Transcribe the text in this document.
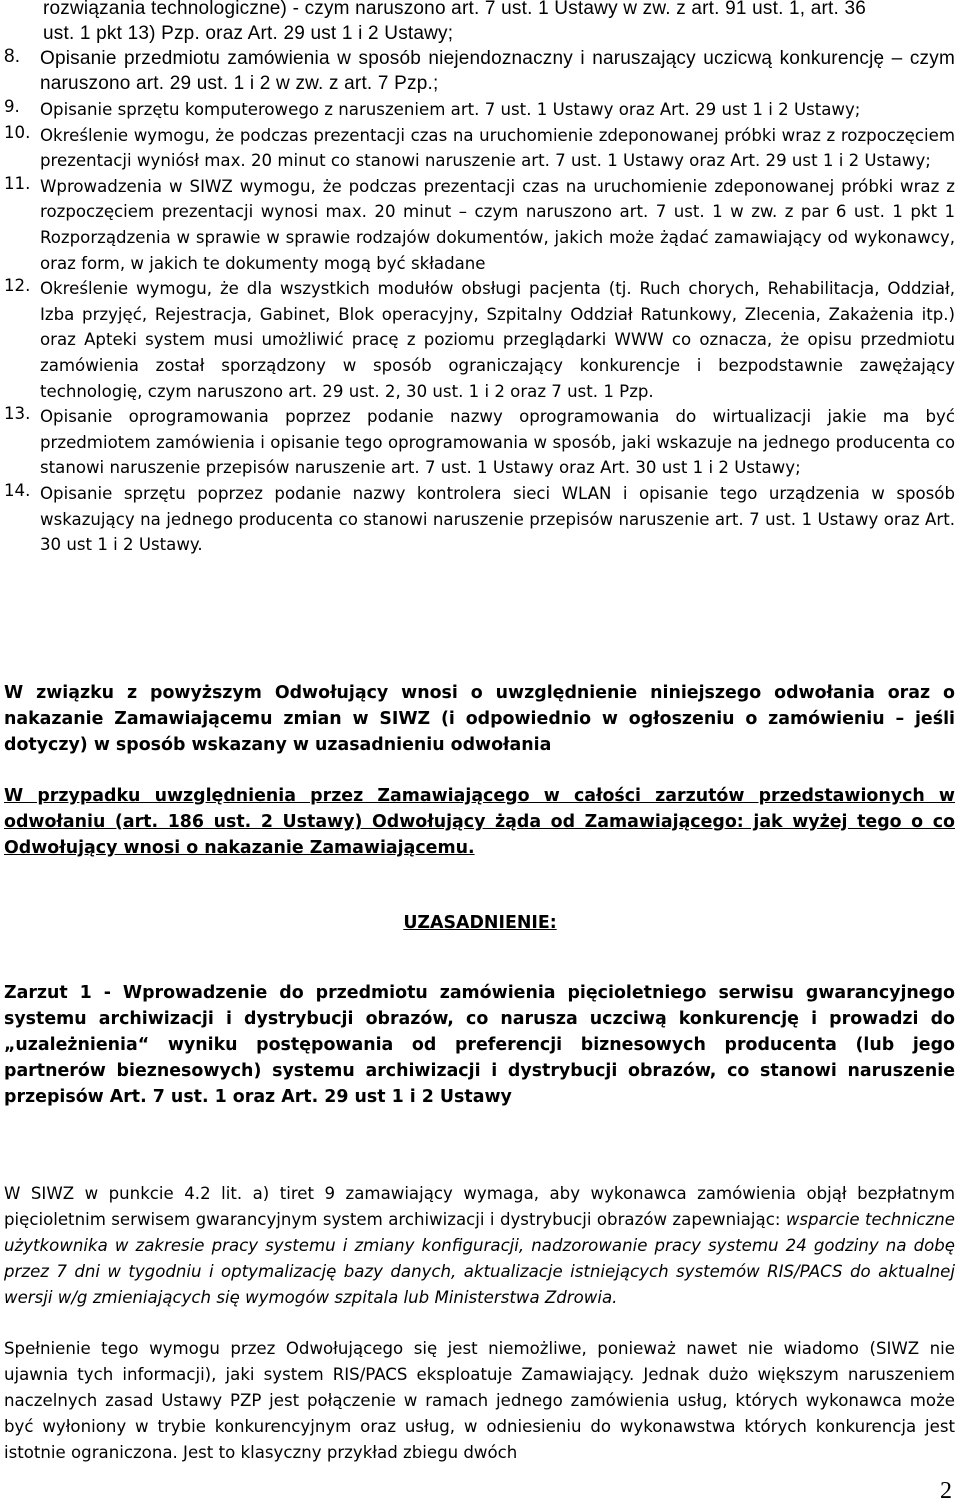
rozwiązania technologiczne) - czym naruszono art. 7 ust. 1 Ustawy w zw. z art. 91 ust. 1, art. 36
ust. 1 pkt 13) Pzp. oraz Art. 29 ust 1 i 2 Ustawy;
8.	Opisanie przedmiotu zamówienia w sposób niejendoznaczny i naruszający uczicwą konkurencję – czym naruszono art. 29 ust. 1 i 2 w zw. z art. 7 Pzp.;
9.	Opisanie sprzętu komputerowego z naruszeniem art. 7 ust. 1 Ustawy oraz Art. 29 ust 1 i 2 Ustawy;
10. Określenie wymogu, że podczas prezentacji czas na uruchomienie zdeponowanej próbki wraz z rozpoczęciem prezentacji wyniósł max. 20 minut co stanowi naruszenie art. 7 ust. 1 Ustawy oraz Art. 29 ust 1 i 2 Ustawy;
11. Wprowadzenia w SIWZ wymogu, że podczas prezentacji czas na uruchomienie zdeponowanej próbki wraz z rozpoczęciem prezentacji wynosi max. 20 minut – czym naruszono art. 7 ust. 1 w zw. z par 6 ust. 1 pkt 1 Rozporządzenia w sprawie w sprawie rodzajów dokumentów, jakich może żądać zamawiający od wykonawcy, oraz form, w jakich te dokumenty mogą być składane
12. Określenie wymogu, że dla wszystkich modułów obsługi pacjenta (tj. Ruch chorych, Rehabilitacja, Oddział, Izba przyjęć, Rejestracja, Gabinet, Blok operacyjny, Szpitalny Oddział Ratunkowy, Zlecenia, Zakażenia itp.) oraz Apteki system musi umożliwić pracę z poziomu przeglądarki WWW co oznacza, że opisu przedmiotu zamówienia został sporządzony w sposób ograniczający konkurencje i bezpodstawnie zawężający technologię, czym naruszono art. 29 ust. 2, 30 ust. 1 i 2 oraz 7 ust. 1 Pzp.
13. Opisanie oprogramowania poprzez podanie nazwy oprogramowania do wirtualizacji jakie ma być przedmiotem zamówienia i opisanie tego oprogramowania w sposób, jaki wskazuje na jednego producenta co stanowi naruszenie przepisów naruszenie art. 7 ust. 1 Ustawy oraz Art. 30 ust 1 i 2 Ustawy;
14. Opisanie sprzętu poprzez podanie nazwy kontrolera sieci WLAN i opisanie tego urządzenia w sposób wskazujący na jednego producenta co stanowi naruszenie przepisów naruszenie art. 7 ust. 1 Ustawy oraz Art. 30 ust 1 i 2 Ustawy.
W związku z powyższym Odwołujący wnosi o uwzględnienie niniejszego odwołania oraz o nakazanie Zamawiającemu zmian w SIWZ (i odpowiednio w ogłoszeniu o zamówieniu – jeśli dotyczy) w sposób wskazany w uzasadnieniu odwołania
W przypadku uwzględnienia przez Zamawiającego w całości zarzutów przedstawionych w odwołaniu (art. 186 ust. 2 Ustawy) Odwołujący żąda od Zamawiającego: jak wyżej tego o co Odwołujący wnosi o nakazanie Zamawiającemu.
UZASADNIENIE:
Zarzut 1 - Wprowadzenie do przedmiotu zamówienia pięcioletniego serwisu gwarancyjnego systemu archiwizacji i dystrybucji obrazów, co narusza uczciwą konkurencję i prowadzi do „uzależnienia“ wyniku postępowania od preferencji biznesowych producenta (lub jego partnerów bieznesowych) systemu archiwizacji i dystrybucji obrazów, co stanowi naruszenie przepisów Art. 7 ust. 1 oraz Art. 29 ust 1 i 2 Ustawy
W SIWZ w punkcie 4.2 lit. a) tiret 9 zamawiający wymaga, aby wykonawca zamówienia objął bezpłatnym pięcioletnim serwisem gwarancyjnym system archiwizacji i dystrybucji obrazów zapewniając: wsparcie techniczne użytkownika w zakresie pracy systemu i zmiany konfiguracji, nadzorowanie pracy systemu 24 godziny na dobę przez 7 dni w tygodniu i optymalizację bazy danych, aktualizacje istniejących systemów RIS/PACS do aktualnej wersji w/g zmieniających się wymogów szpitala lub Ministerstwa Zdrowia.
Spełnienie tego wymogu przez Odwołującego się jest niemożliwe, ponieważ nawet nie wiadomo (SIWZ nie ujawnia tych informacji), jaki system RIS/PACS eksploatuje Zamawiający. Jednak dużo większym naruszeniem naczelnych zasad Ustawy PZP jest połączenie w ramach jednego zamówienia usług, których wykonawca może być wyłoniony w trybie konkurencyjnym oraz usług, w odniesieniu do wykonawstwa których konkurencja jest istotnie ograniczona. Jest to klasyczny przykład zbiegu dwóch
2
